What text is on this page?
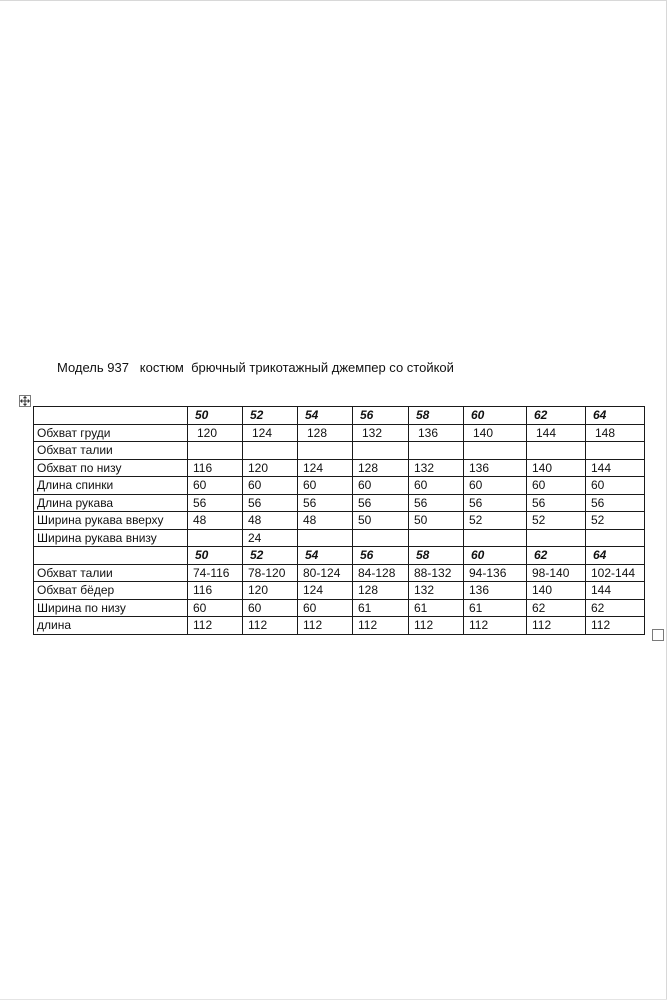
Модель 937   костюм  брючный трикотажный джемпер со стойкой
	50	52	54	56	58	60	62	64
Обхват груди	120	124	128	132	136	140	144	148
Обхват талии								
Обхват по низу	116	120	124	128	132	136	140	144
Длина спинки	60	60	60	60	60	60	60	60
Длина рукава	56	56	56	56	56	56	56	56
Ширина рукава вверху	48	48	48	50	50	52	52	52
Ширина рукава внизу		24						
	50	52	54	56	58	60	62	64
Обхват талии	74-116	78-120	80-124	84-128	88-132	94-136	98-140	102-144
Обхват бёдер	116	120	124	128	132	136	140	144
Ширина по низу	60	60	60	61	61	61	62	62
длина	112	112	112	112	112	112	112	112
